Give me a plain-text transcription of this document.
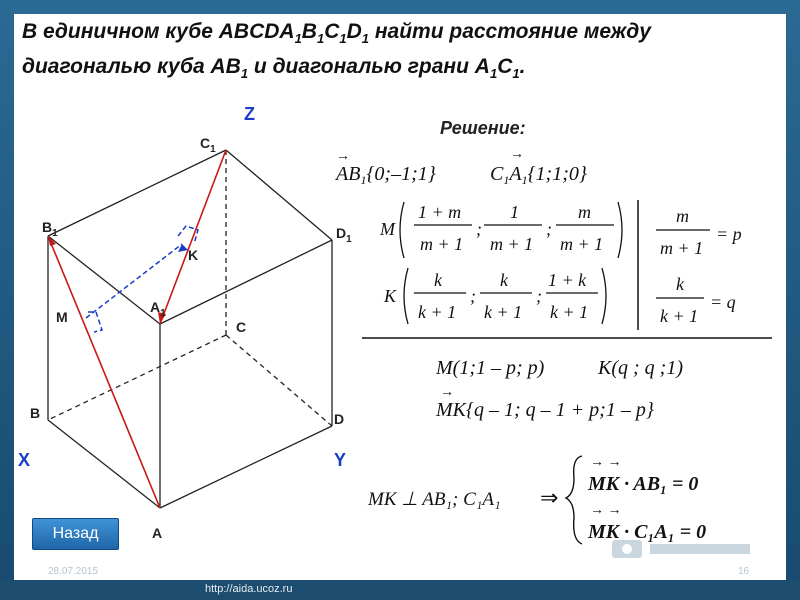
В единичном кубе $ABCDA_1B_1C_1D_1$ найти расстояние между
диагональю куба $AB_1$ и диагональю грани $A_1C_1$.
$B_1$
$C_1$
$D_1$
$A_1$
C
B	D
A
M
K
Z
X	Y
Решение:
$AB_1\{0;-1;1\}$
→
$C_1A_1\{1;1;0\}$
→
M
1 + m
m + 1
;
1
m + 1
;
m
m + 1
K
k
k + 1
;
k
k + 1
;
1 + k
k + 1
m
m + 1
= p
k
k + 1
= q
M(1;1 – p; p)	K(q ; q ;1)
MK{q – 1; q – 1 + p;1 – p}
→
MK ⊥ AB₁; C₁A₁ ⇒
MK · AB₁ = 0
→ →
MK · C₁A₁ = 0
→ →
Назад
28.07.2015	16
http://aida.ucoz.ru
